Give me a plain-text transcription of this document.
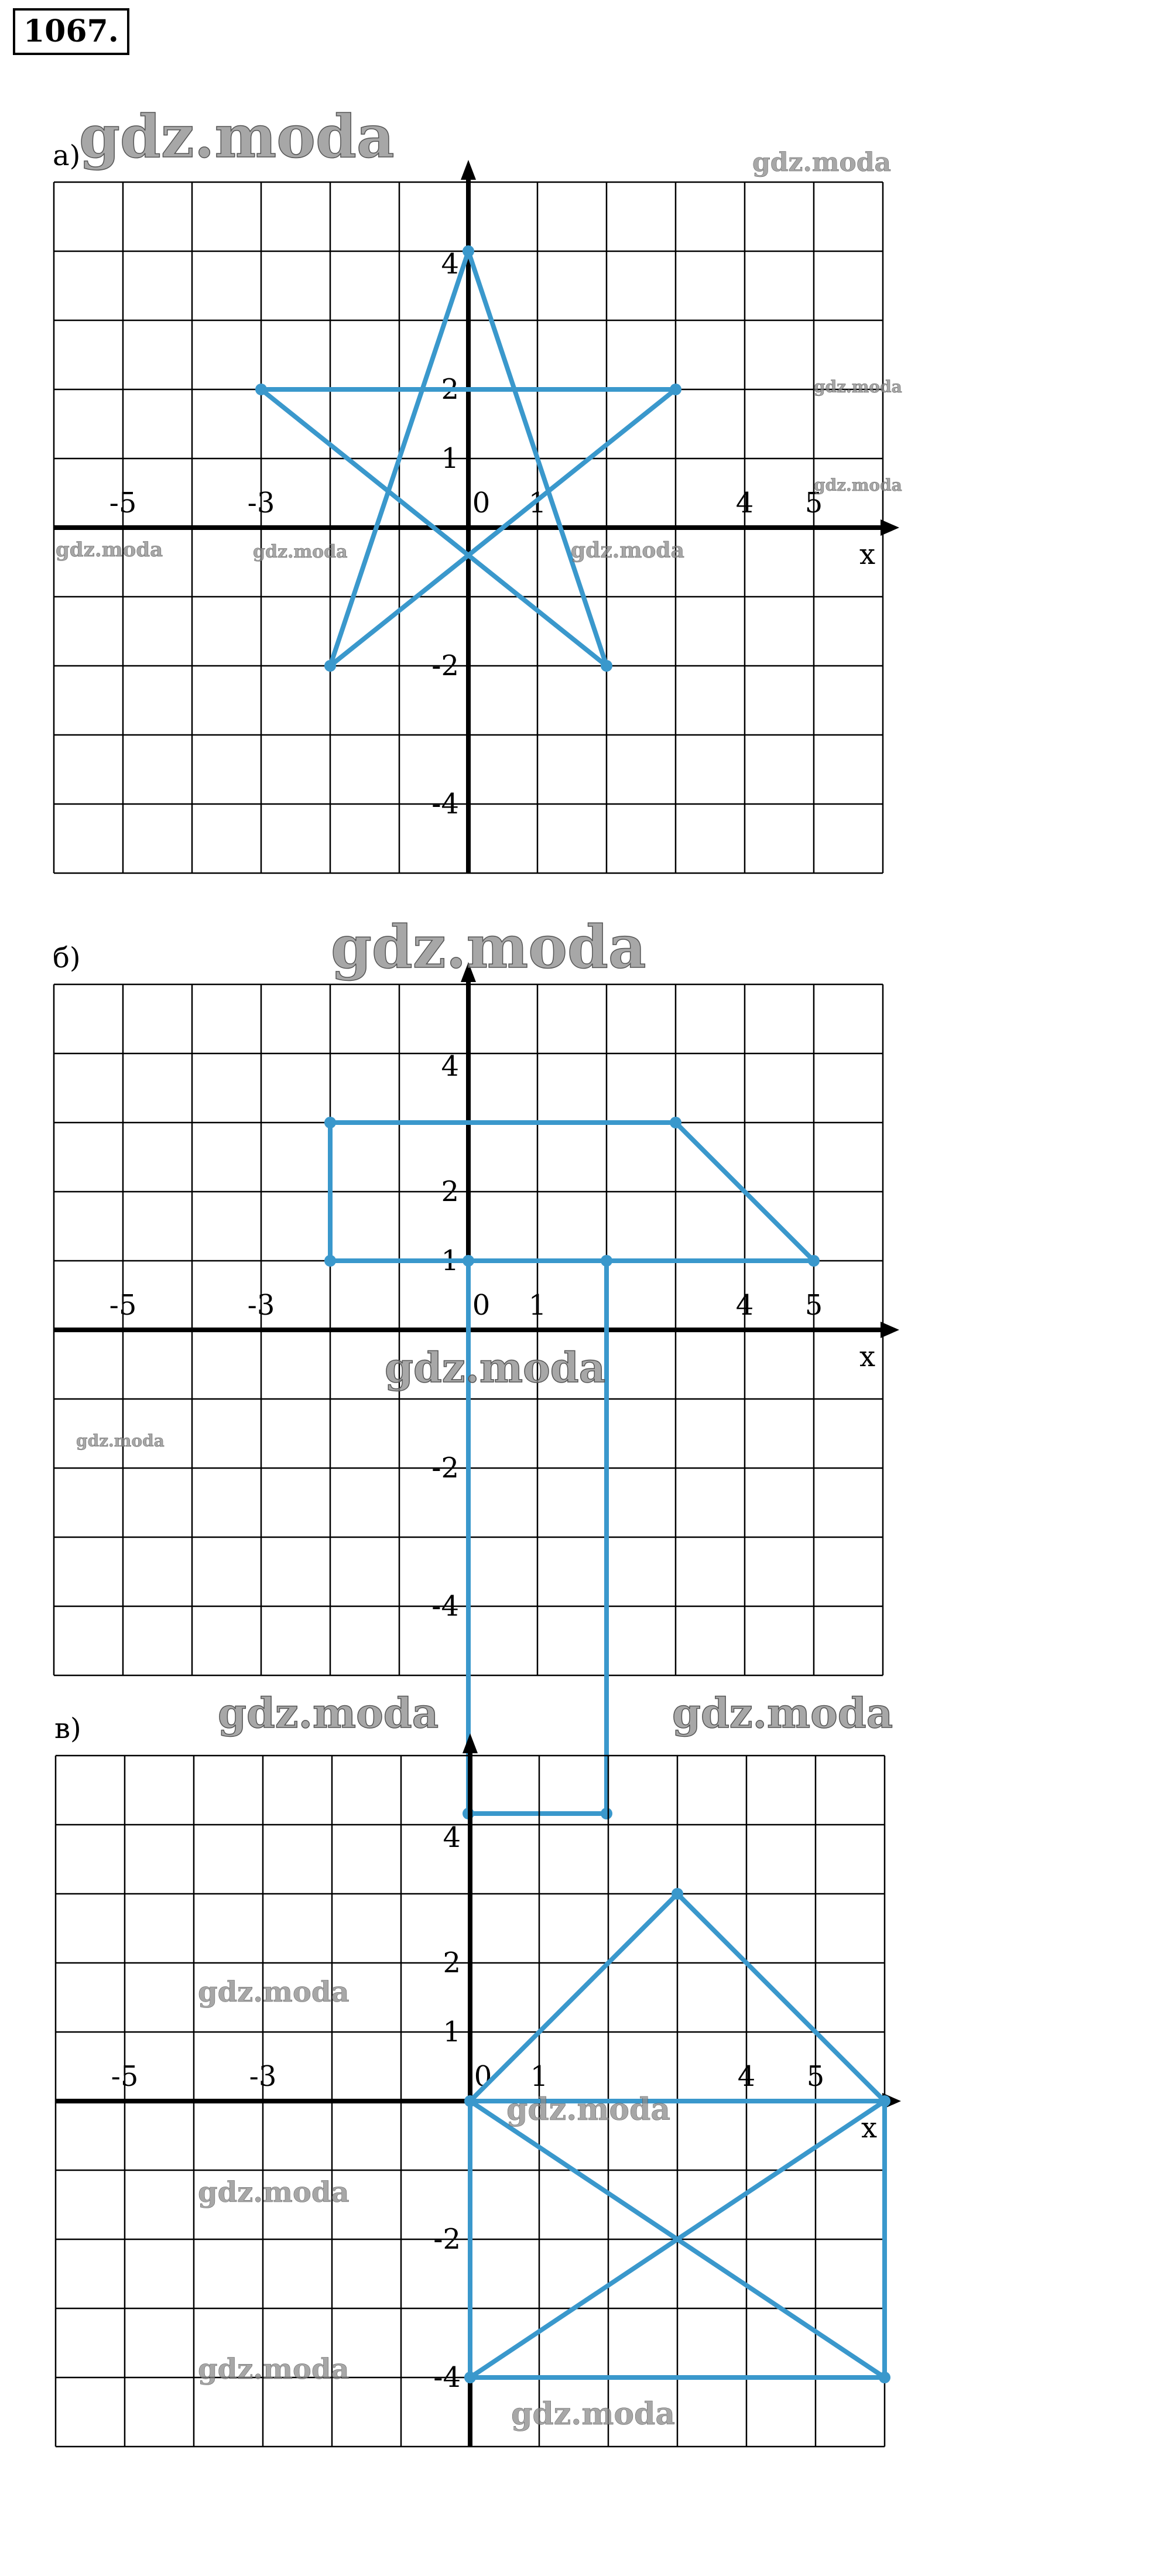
1067.
а)
x
-5	-3	0 1	4 5
4
2
1
-2
-4
б)
x
-5	-3	0 1	4 5
4
2
1
-2
-4
в)
x
-5	-3	0 1	4 5
4
2
1
-2
-4
gdz.moda	gdz.moda
gdz.moda
gdz.moda
gdz.moda	gdz.moda	gdz.moda
gdz.moda
gdz.moda
gdz.moda
gdz.moda	gdz.moda
gdz.moda
gdz.moda
gdz.moda
gdz.moda
gdz.moda
